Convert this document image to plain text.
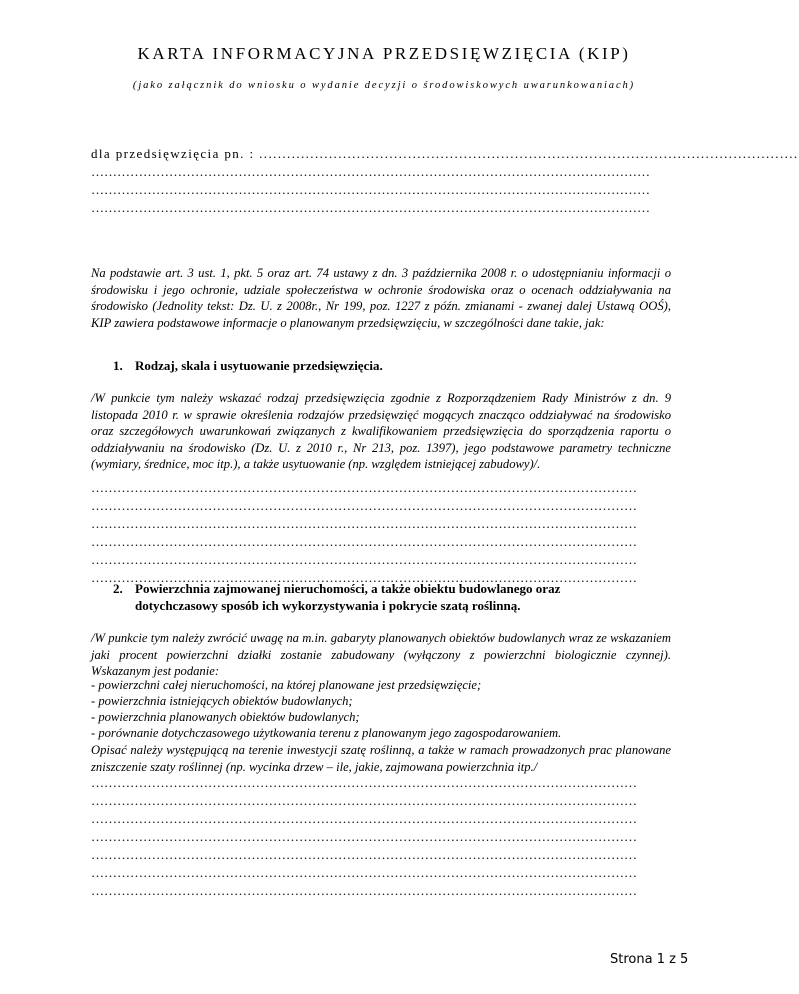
KARTA INFORMACYJNA PRZEDSIĘWZIĘCIA (KIP)
(jako załącznik do wniosku o wydanie decyzji o środowiskowych uwarunkowaniach)
dla przedsięwzięcia pn. : ....................................................................................................................
…………………………………………………………………………………………………………………
…………………………………………………………………………………………………………………
…………………………………………………………………………………………………………………
Na podstawie art. 3 ust. 1, pkt. 5 oraz art. 74 ustawy z dn. 3 października 2008 r. o udostępnianiu informacji o środowisku i jego ochronie, udziale społeczeństwa w ochronie środowiska oraz o ocenach oddziaływania na środowisko (Jednolity tekst: Dz. U. z 2008r., Nr 199, poz. 1227 z późn. zmianami - zwanej dalej Ustawą OOŚ), KIP zawiera podstawowe informacje o planowanym przedsięwzięciu, w szczególności dane takie, jak:
1. Rodzaj, skala i usytuowanie przedsięwzięcia.
/W punkcie tym należy wskazać rodzaj przedsięwzięcia zgodnie z Rozporządzeniem Rady Ministrów z dn. 9 listopada 2010 r. w sprawie określenia rodzajów przedsięwzięć mogących znacząco oddziaływać na środowisko oraz szczegółowych uwarunkowań związanych z kwalifikowaniem przedsięwzięcia do sporządzenia raportu o oddziaływaniu na środowisko (Dz. U. z 2010 r., Nr 213, poz. 1397), jego podstawowe parametry techniczne (wymiary, średnice, moc itp.), a także usytuowanie (np. względem istniejącej zabudowy)/.
………………………………………………………………………………………………………………
………………………………………………………………………………………………………………
………………………………………………………………………………………………………………
………………………………………………………………………………………………………………
………………………………………………………………………………………………………………
………………………………………………………………………………………………………………
2. Powierzchnia zajmowanej nieruchomości, a także obiektu budowlanego oraz
dotychczasowy sposób ich wykorzystywania i pokrycie szatą roślinną.
/W punkcie tym należy zwrócić uwagę na m.in. gabaryty planowanych obiektów budowlanych wraz ze wskazaniem jaki procent powierzchni działki zostanie zabudowany (wyłączony z powierzchni biologicznie czynnej). Wskazanym jest podanie:
- powierzchni całej nieruchomości, na której planowane jest przedsięwzięcie;
- powierzchnia istniejących obiektów budowlanych;
- powierzchnia planowanych obiektów budowlanych;
- porównanie dotychczasowego użytkowania terenu z planowanym jego zagospodarowaniem.
Opisać należy występującą na terenie inwestycji szatę roślinną, a także w ramach prowadzonych prac planowane zniszczenie szaty roślinnej (np. wycinka drzew – ile, jakie, zajmowana powierzchnia itp./
………………………………………………………………………………………………………………
………………………………………………………………………………………………………………
………………………………………………………………………………………………………………
………………………………………………………………………………………………………………
………………………………………………………………………………………………………………
………………………………………………………………………………………………………………
………………………………………………………………………………………………………………
Strona 1 z 5
